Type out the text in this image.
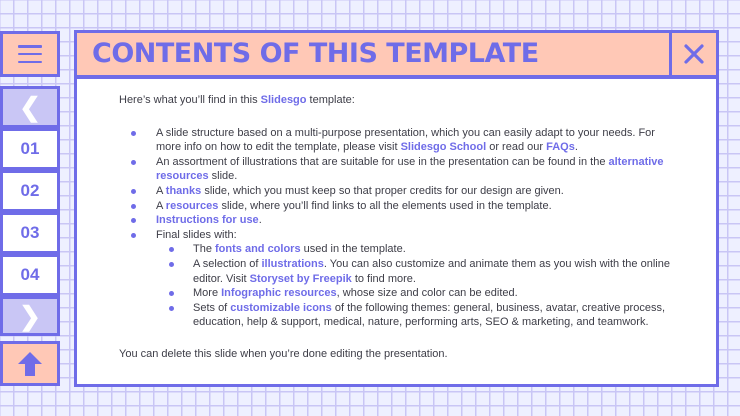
❮
01
02
03
04
❯
CONTENTS OF THIS TEMPLATE

Here’s what you’ll find in this Slidesgo template:

A slide structure based on a multi-purpose presentation, which you can easily adapt to your needs. For more info on how to edit the template, please visit Slidesgo School or read our FAQs.
An assortment of illustrations that are suitable for use in the presentation can be found in the alternative resources slide.
A thanks slide, which you must keep so that proper credits for our design are given.
A resources slide, where you’ll find links to all the elements used in the template.
Instructions for use.
Final slides with:
The fonts and colors used in the template.
A selection of illustrations. You can also customize and animate them as you wish with the online editor. Visit Storyset by Freepik to find more.
More Infographic resources, whose size and color can be edited.
Sets of customizable icons of the following themes: general, business, avatar, creative process, education, help & support, medical, nature, performing arts, SEO & marketing, and teamwork.

You can delete this slide when you’re done editing the presentation.
